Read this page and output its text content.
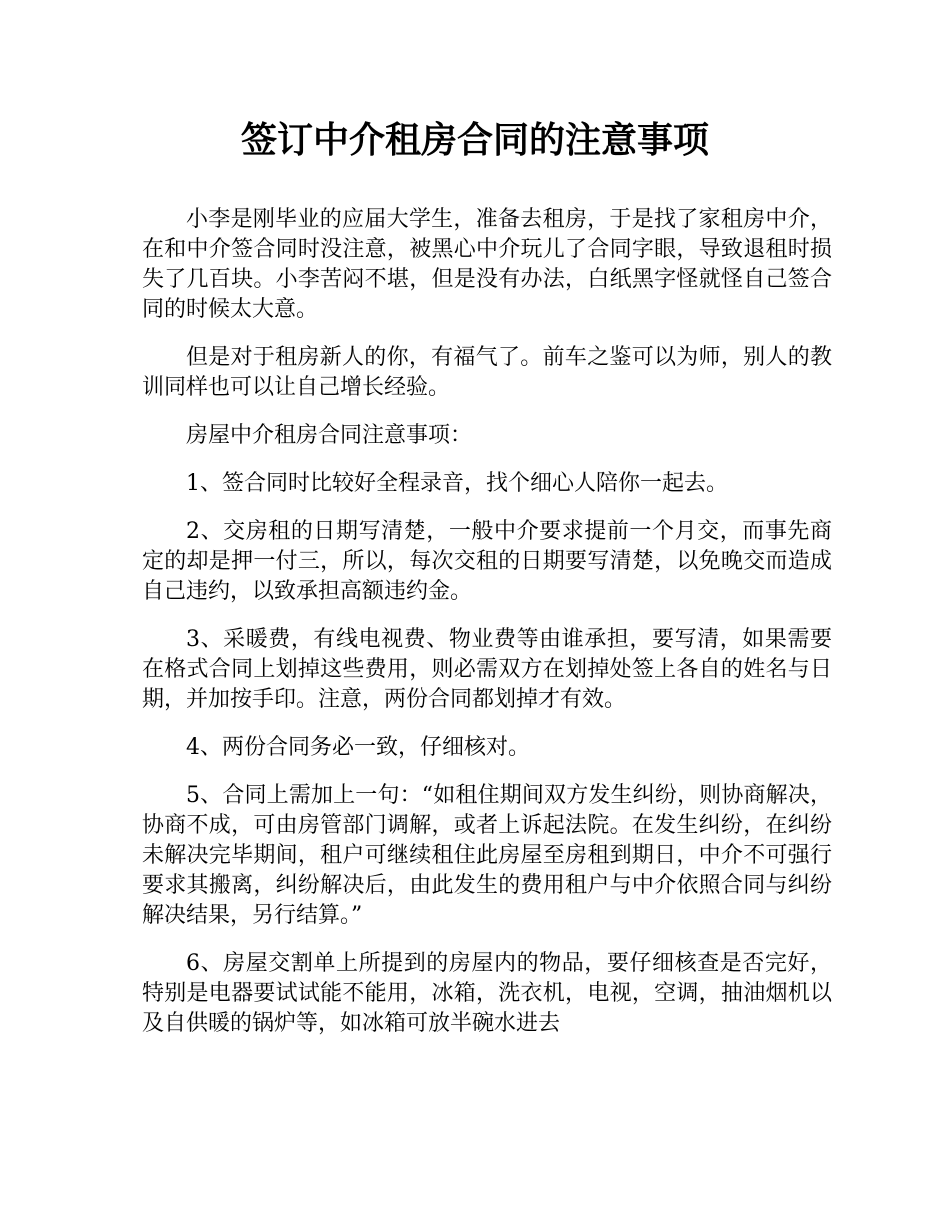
签订中介租房合同的注意事项

小李是刚毕业的应届大学生，准备去租房，于是找了家租房中介，在和中介签合同时没注意，被黑心中介玩儿了合同字眼，导致退租时损失了几百块。小李苦闷不堪，但是没有办法，白纸黑字怪就怪自己签合同的时候太大意。

但是对于租房新人的你，有福气了。前车之鉴可以为师，别人的教训同样也可以让自己增长经验。

房屋中介租房合同注意事项：

1、签合同时比较好全程录音，找个细心人陪你一起去。

2、交房租的日期写清楚，一般中介要求提前一个月交，而事先商定的却是押一付三，所以，每次交租的日期要写清楚，以免晚交而造成自己违约，以致承担高额违约金。

3、采暖费，有线电视费、物业费等由谁承担，要写清，如果需要在格式合同上划掉这些费用，则必需双方在划掉处签上各自的姓名与日期，并加按手印。注意，两份合同都划掉才有效。

4、两份合同务必一致，仔细核对。

5、合同上需加上一句：“如租住期间双方发生纠纷，则协商解决，协商不成，可由房管部门调解，或者上诉起法院。在发生纠纷，在纠纷未解决完毕期间，租户可继续租住此房屋至房租到期日，中介不可强行要求其搬离，纠纷解决后，由此发生的费用租户与中介依照合同与纠纷解决结果，另行结算。”

6、房屋交割单上所提到的房屋内的物品，要仔细核查是否完好，特别是电器要试试能不能用，冰箱，洗衣机，电视，空调，抽油烟机以及自供暖的锅炉等，如冰箱可放半碗水进去
